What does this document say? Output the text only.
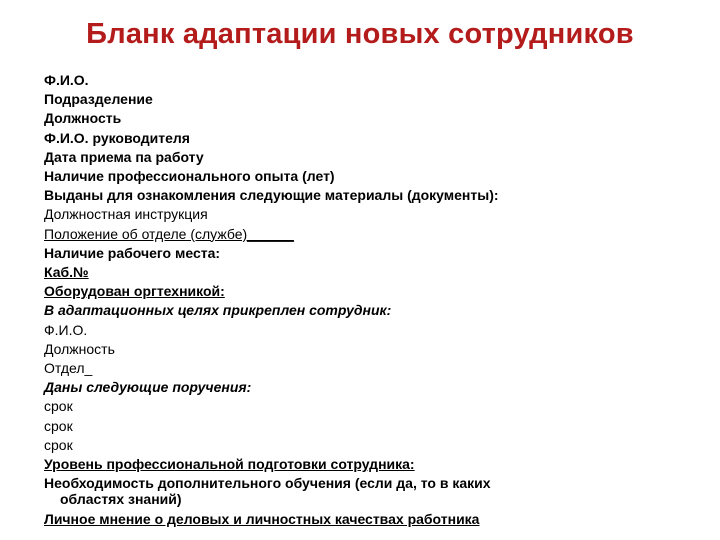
Бланк адаптации новых сотрудников
Ф.И.О.
Подразделение
Должность
Ф.И.О. руководителя
Дата приема па работу
Наличие профессионального опыта (лет)
Выданы для ознакомления следующие материалы (документы):
Должностная инструкция
Положение об отделе (службе)______
Наличие рабочего места:
Каб.№
Оборудован оргтехникой:
В адаптационных целях прикреплен сотрудник:
Ф.И.О.
Должность
Отдел_
Даны следующие поручения:
срок
срок
срок
Уровень профессиональной подготовки сотрудника:
Необходимость дополнительного обучения (если да, то в каких
областях знаний)
Личное мнение о деловых и личностных качествах работника
